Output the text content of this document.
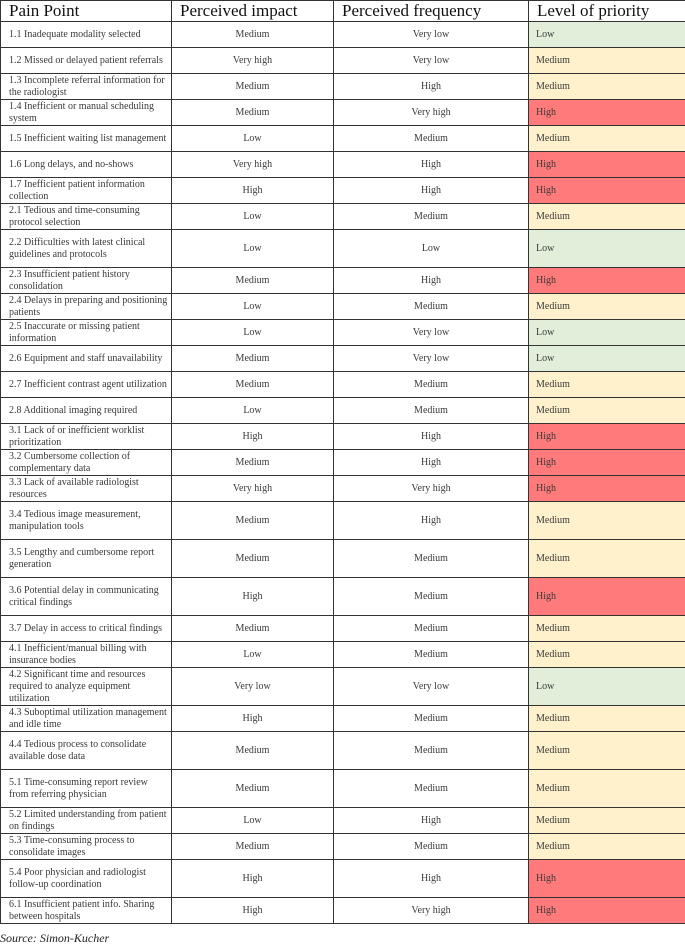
Pain Point	Perceived impact	Perceived frequency	Level of priority
1.1 Inadequate modality selected	Medium	Very low	Low
1.2 Missed or delayed patient referrals	Very high	Very low	Medium
1.3 Incomplete referral information for the radiologist	Medium	High	Medium
1.4 Inefficient or manual scheduling system	Medium	Very high	High
1.5 Inefficient waiting list management	Low	Medium	Medium
1.6 Long delays, and no-shows	Very high	High	High
1.7 Inefficient patient information collection	High	High	High
2.1 Tedious and time-consuming protocol selection	Low	Medium	Medium
2.2 Difficulties with latest clinical guidelines and protocols	Low	Low	Low
2.3 Insufficient patient history consolidation	Medium	High	High
2.4 Delays in preparing and positioning patients	Low	Medium	Medium
2.5 Inaccurate or missing patient information	Low	Very low	Low
2.6 Equipment and staff unavailability	Medium	Very low	Low
2.7 Inefficient contrast agent utilization	Medium	Medium	Medium
2.8 Additional imaging required	Low	Medium	Medium
3.1 Lack of or inefficient worklist prioritization	High	High	High
3.2 Cumbersome collection of complementary data	Medium	High	High
3.3 Lack of available radiologist resources	Very high	Very high	High
3.4 Tedious image measurement, manipulation tools	Medium	High	Medium
3.5 Lengthy and cumbersome report generation	Medium	Medium	Medium
3.6 Potential delay in communicating critical findings	High	Medium	High
3.7 Delay in access to critical findings	Medium	Medium	Medium
4.1 Inefficient/manual billing with insurance bodies	Low	Medium	Medium
4.2 Significant time and resources required to analyze equipment utilization	Very low	Very low	Low
4.3 Suboptimal utilization management and idle time	High	Medium	Medium
4.4 Tedious process to consolidate available dose data	Medium	Medium	Medium
5.1 Time-consuming report review from referring physician	Medium	Medium	Medium
5.2 Limited understanding from patient on findings	Low	High	Medium
5.3 Time-consuming process to consolidate images	Medium	Medium	Medium
5.4 Poor physician and radiologist follow-up coordination	High	High	High
6.1 Insufficient patient info. Sharing between hospitals	High	Very high	High
Source: Simon-Kucher
